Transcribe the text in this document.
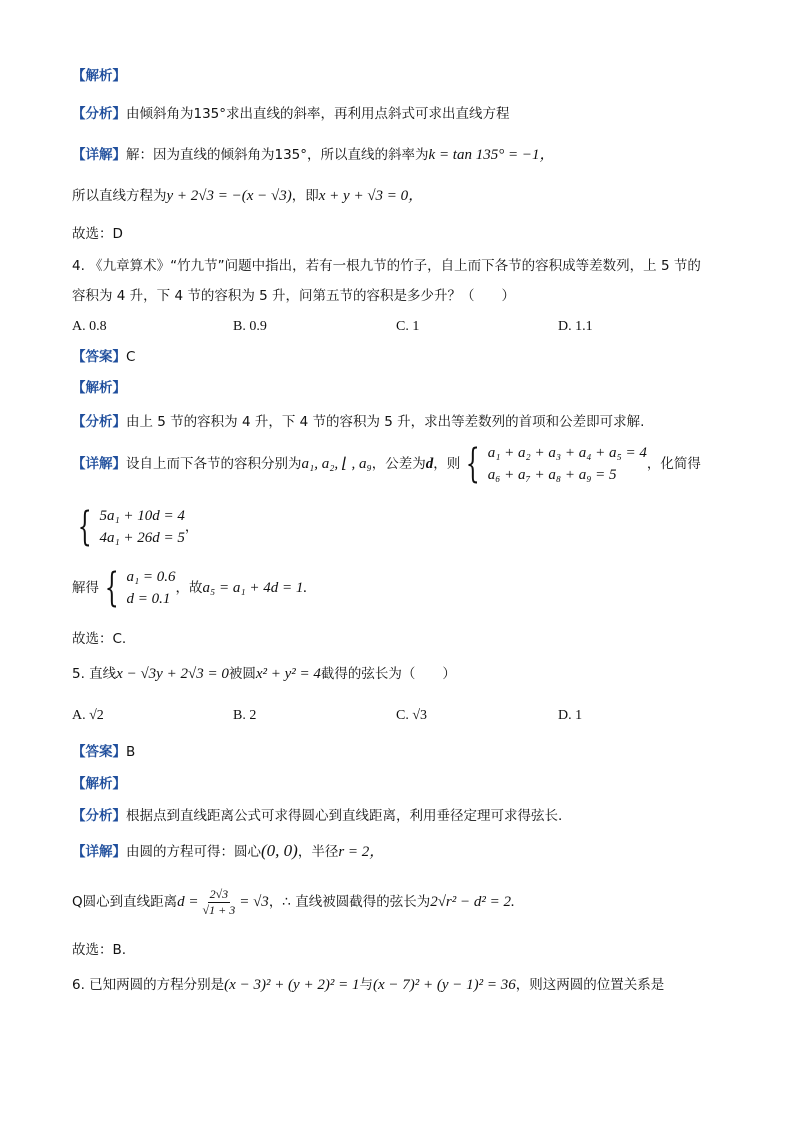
【解析】
【分析】由倾斜角为135°求出直线的斜率，再利用点斜式可求出直线方程
【详解】解：因为直线的倾斜角为135°，所以直线的斜率为k = tan 135° = −1，
所以直线方程为y + 2√3 = −(x − √3)，即x + y + √3 = 0，
故选：D
4. 《九章算术》“竹九节”问题中指出，若有一根九节的竹子，自上而下各节的容积成等差数列，上 5 节的
容积为 4 升，下 4 节的容积为 5 升，问第五节的容积是多少升？（　　）
A. 0.8	B. 0.9	C. 1	D. 1.1
【答案】C
【解析】
【分析】由上 5 节的容积为 4 升，下 4 节的容积为 5 升，求出等差数列的首项和公差即可求解.
【详解】设自上而下各节的容积分别为a₁, a₂, ⌊ , a₉，公差为d，则 { a₁ + a₂ + a₃ + a₄ + a₅ = 4
a₆ + a₇ + a₈ + a₉ = 5
，化简得
{ 5a₁ + 10d = 4
4a₁ + 26d = 5
，
解得 { a₁ = 0.6
d = 0.1
，故a₅ = a₁ + 4d = 1.
故选：C.
5. 直线x − √3y + 2√3 = 0被圆x² + y² = 4截得的弦长为（　　）
A. √2	B. 2	C. √3	D. 1
【答案】B
【解析】
【分析】根据点到直线距离公式可求得圆心到直线距离，利用垂径定理可求得弦长.
【详解】由圆的方程可得：圆心(0, 0)，半径r = 2，
Q圆心到直线距离$d = \frac{2√3}{√1 + 3} = √3$，∴ 直线被圆截得的弦长为2√r² − d² = 2.
故选：B.
6. 已知两圆的方程分别是(x − 3)² + (y + 2)² = 1与(x − 7)² + (y − 1)² = 36，则这两圆的位置关系是
